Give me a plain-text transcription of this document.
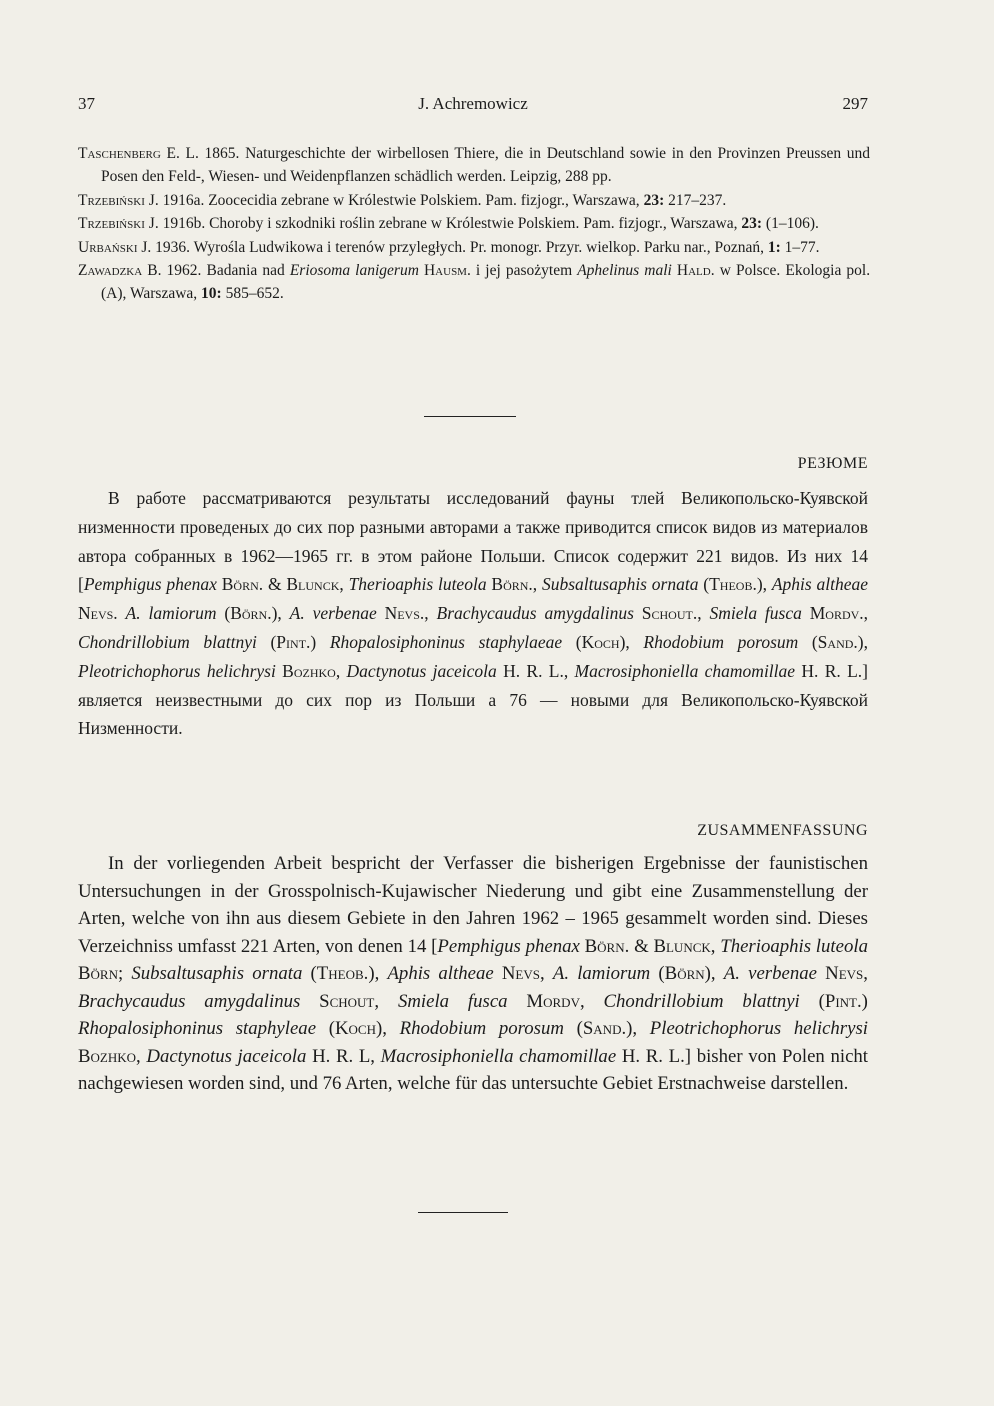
37	J. Achremowicz	297

Taschenberg E. L. 1865. Naturgeschichte der wirbellosen Thiere, die in Deutschland sowie in den Provinzen Preussen und Posen den Feld-, Wiesen- und Weidenpflanzen schädlich werden. Leipzig, 288 pp.

Trzebiński J. 1916a. Zoocecidia zebrane w Królestwie Polskiem. Pam. fizjogr., Warszawa, 23: 217–237.

Trzebiński J. 1916b. Choroby i szkodniki roślin zebrane w Królestwie Polskiem. Pam. fizjogr., Warszawa, 23: (1–106).

Urbański J. 1936. Wyrośla Ludwikowa i terenów przyległych. Pr. monogr. Przyr. wielkop. Parku nar., Poznań, 1: 1–77.

Zawadzka B. 1962. Badania nad Eriosoma lanigerum Hausm. i jej pasożytem Aphelinus mali Hald. w Polsce. Ekologia pol. (A), Warszawa, 10: 585–652.

РЕЗЮМЕ

В работе рассматриваются результаты исследований фауны тлей Великопольско-Куявской низменности проведеных до сих пор разными авторами а также приводится список видов из материалов автора собранных в 1962—1965 гг. в этом районе Польши. Список содержит 221 видов. Из них 14 [Pemphigus phenax Börn. & Blunck, Therioaphis luteola Börn., Subsaltusaphis ornata (Theob.), Aphis altheae Nevs. A. lamiorum (Börn.), A. verbenae Nevs., Brachycaudus amygdalinus Schout., Smiela fusca Mordv., Chondrillobium blattnyi (Pint.) Rhopalosiphoninus staphylaeae (Koch), Rhodobium porosum (Sand.), Pleotrichophorus helichrysi Bozhko, Dactynotus jaceicola H. R. L., Macrosiphoniella chamomillae H. R. L.] является неизвестными до сих пор из Польши а 76 — новыми для Великопольско-Куявской Низменности.

ZUSAMMENFASSUNG

In der vorliegenden Arbeit bespricht der Verfasser die bisherigen Ergebnisse der faunistischen Untersuchungen in der Grosspolnisch-Kujawischer Niederung und gibt eine Zusammenstellung der Arten, welche von ihn aus diesem Gebiete in den Jahren 1962 – 1965 gesammelt worden sind. Dieses Verzeichniss umfasst 221 Arten, von denen 14 [Pemphigus phenax Börn. & Blunck, Therioaphis luteola Börn; Subsaltusaphis ornata (Theob.), Aphis altheae Nevs, A. lamiorum (Börn), A. verbenae Nevs, Brachycaudus amygdalinus Schout, Smiela fusca Mordv, Chondrillobium blattnyi (Pint.) Rhopalosiphoninus staphyleae (Koch), Rhodobium porosum (Sand.), Pleotrichophorus helichrysi Bozhko, Dactynotus jaceicola H. R. L, Macrosiphoniella chamomillae H. R. L.] bisher von Polen nicht nachgewiesen worden sind, und 76 Arten, welche für das untersuchte Gebiet Erstnachweise darstellen.
